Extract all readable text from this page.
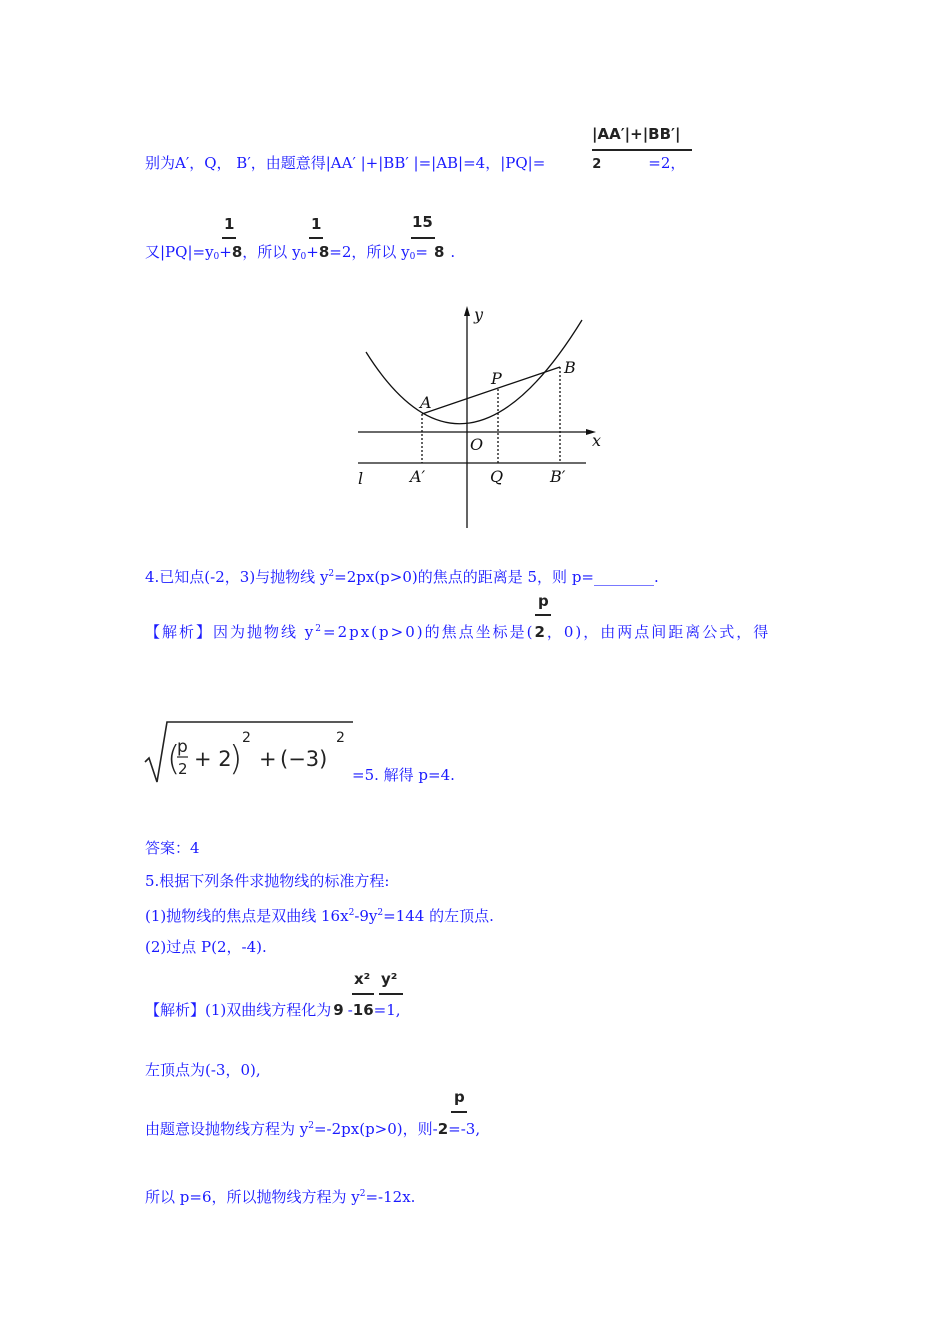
|AA′|+|BB′|
别为A′，Q， B′，由题意得|AA′ |+|BB′ |=|AB|=4，|PQ|=	2	=2，
1	1	15
又$|PQ|=y_0+8$，所以 $y_0+8=2$，所以 $y_0= 8$ .
y
x
A
B
P
O
l	A′	Q	B′
4.已知点(-2，3)与抛物线 $y^2=2px(p>0)$的焦点的距离是 5，则 p=________.
p
【解析】因为抛物线 $y^2=2px(p>0)$的焦点坐标是(2，0)，由两点间距离公式，得
(
p
2 + 2
)
2
+ (−3)
2
=5. 解得 p=4.
答案：4
5.根据下列条件求抛物线的标准方程:
(1)抛物线的焦点是双曲线 $16x^2-9y^2=144$ 的左顶点.
(2)过点 P(2，-4).
x² y²
【解析】(1)双曲线方程化为 9 -16=1,
左顶点为(-3，0),
p
由题意设抛物线方程为 $y^2=-2px(p>0)$，则-2=-3,
所以 p=6，所以抛物线方程为 $y^2=-12x$.
